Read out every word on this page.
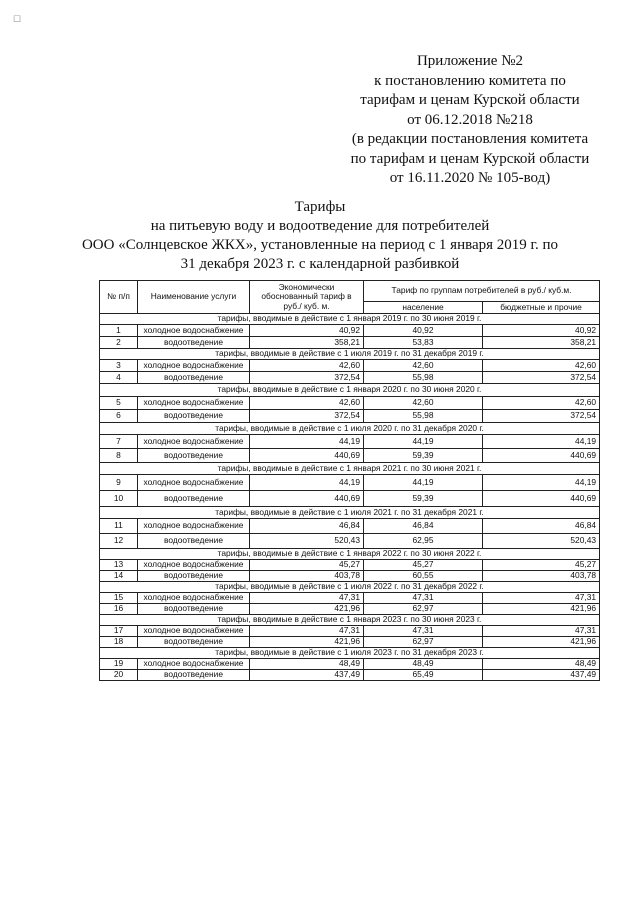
☐
Приложение №2
к постановлению комитета по
тарифам и ценам Курской области
от 06.12.2018 №218
(в редакции постановления комитета
по тарифам и ценам Курской области
от 16.11.2020 № 105-вод)
Тарифы
на питьевую воду и водоотведение для потребителей
ООО «Солнцевское ЖКХ», установленные на период с 1 января 2019 г. по
31 декабря 2023 г. с календарной разбивкой
№ п/п	Наименование услуги	Экономически обоснованный тариф в руб./ куб. м.	Тариф по группам потребителей в руб./ куб.м.	
			население	бюджетные и прочие
тарифы, вводимые в действие с 1 января 2019 г. по 30 июня 2019 г.				
1	холодное водоснабжение	40,92	40,92	40,92
2	водоотведение	358,21	53,83	358,21
тарифы, вводимые в действие с 1 июля 2019 г. по 31 декабря 2019 г.				
3	холодное водоснабжение	42,60	42,60	42,60
4	водоотведение	372,54	55,98	372,54
тарифы, вводимые в действие с 1 января 2020 г. по 30 июня 2020 г.				
5	холодное водоснабжение	42,60	42,60	42,60
6	водоотведение	372,54	55,98	372,54
тарифы, вводимые в действие с 1 июля 2020 г. по 31 декабря 2020 г.				
7	холодное водоснабжение	44,19	44,19	44,19
8	водоотведение	440,69	59,39	440,69
тарифы, вводимые в действие с 1 января 2021 г. по 30 июня 2021 г.				
9	холодное водоснабжение	44,19	44,19	44,19
10	водоотведение	440,69	59,39	440,69
тарифы, вводимые в действие с 1 июля 2021 г. по 31 декабря 2021 г.				
11	холодное водоснабжение	46,84	46,84	46,84
12	водоотведение	520,43	62,95	520,43
тарифы, вводимые в действие с 1 января 2022 г. по 30 июня 2022 г.				
13	холодное водоснабжение	45,27	45,27	45,27
14	водоотведение	403,78	60,55	403,78
тарифы, вводимые в действие с 1 июля 2022 г. по 31 декабря 2022 г.				
15	холодное водоснабжение	47,31	47,31	47,31
16	водоотведение	421,96	62,97	421,96
тарифы, вводимые в действие с 1 января 2023 г. по 30 июня 2023 г.				
17	холодное водоснабжение	47,31	47,31	47,31
18	водоотведение	421,96	62,97	421,96
тарифы, вводимые в действие с 1 июля 2023 г. по 31 декабря 2023 г.				
19	холодное водоснабжение	48,49	48,49	48,49
20	водоотведение	437,49	65,49	437,49
